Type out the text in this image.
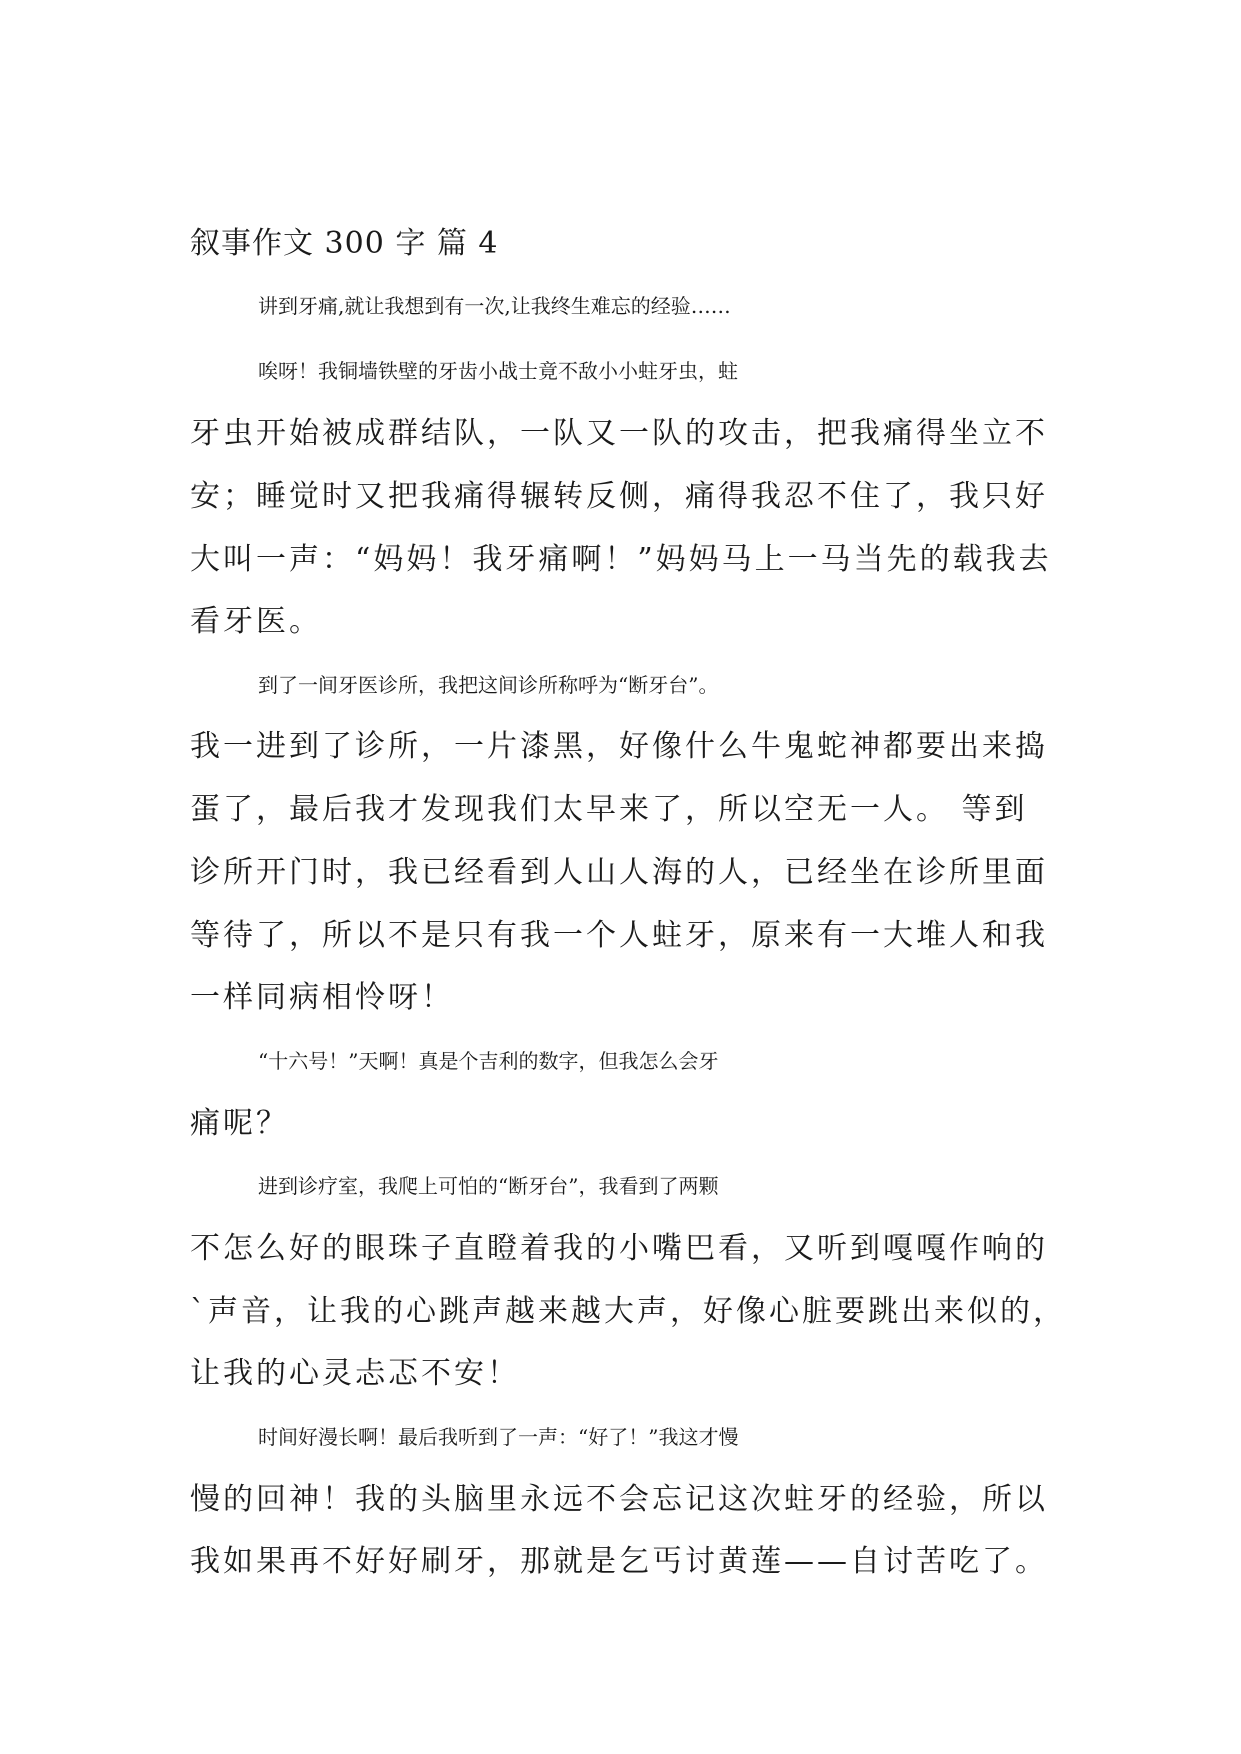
叙事作文 300 字 篇 4
讲到牙痛,就让我想到有一次,让我终生难忘的经验……
唉呀！我铜墙铁壁的牙齿小战士竟不敌小小蛀牙虫，蛀
牙虫开始被成群结队，一队又一队的攻击，把我痛得坐立不
安；睡觉时又把我痛得辗转反侧，痛得我忍不住了，我只好
大叫一声：“妈妈！我牙痛啊！”妈妈马上一马当先的载我去
看牙医。
到了一间牙医诊所，我把这间诊所称呼为“断牙台”。
我一进到了诊所，一片漆黑，好像什么牛鬼蛇神都要出来捣
蛋了，最后我才发现我们太早来了，所以空无一人。 等到
诊所开门时，我已经看到人山人海的人，已经坐在诊所里面
等待了，所以不是只有我一个人蛀牙，原来有一大堆人和我
一样同病相怜呀！
“十六号！”天啊！真是个吉利的数字，但我怎么会牙
痛呢？
进到诊疗室，我爬上可怕的“断牙台”，我看到了两颗
不怎么好的眼珠子直瞪着我的小嘴巴看，又听到嘎嘎作响的
`声音，让我的心跳声越来越大声，好像心脏要跳出来似的，
让我的心灵忐忑不安！
时间好漫长啊！最后我听到了一声：“好了！”我这才慢
慢的回神！我的头脑里永远不会忘记这次蛀牙的经验，所以
我如果再不好好刷牙，那就是乞丐讨黄莲——自讨苦吃了。
